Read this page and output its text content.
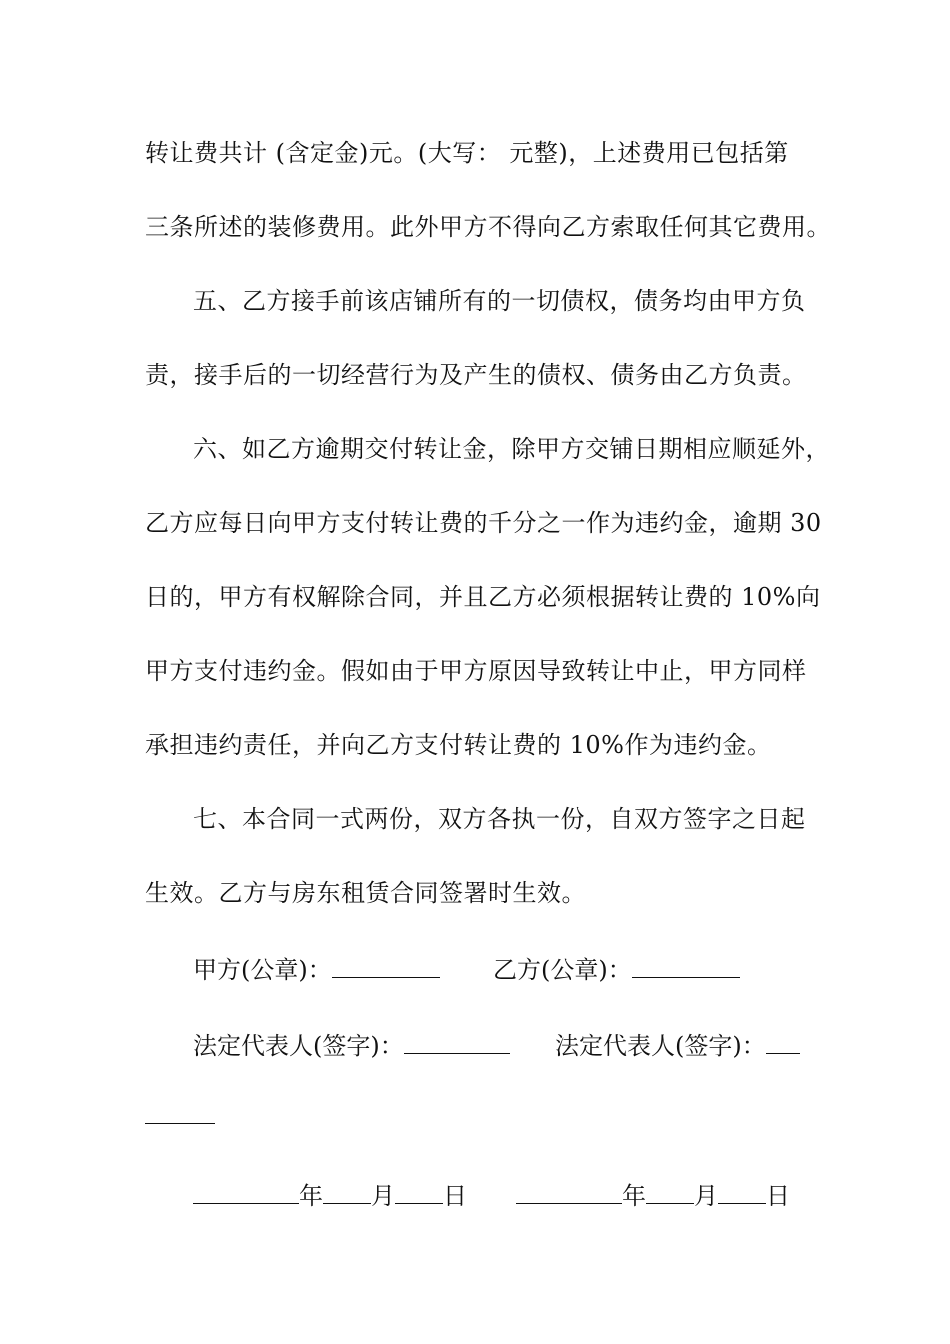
转让费共计 (含定金)元。(大写： 元整)，上述费用已包括第
三条所述的装修费用。此外甲方不得向乙方索取任何其它费用。
五、乙方接手前该店铺所有的一切债权，债务均由甲方负
责，接手后的一切经营行为及产生的债权、债务由乙方负责。
六、如乙方逾期交付转让金，除甲方交铺日期相应顺延外，
乙方应每日向甲方支付转让费的千分之一作为违约金，逾期 30
日的，甲方有权解除合同，并且乙方必须根据转让费的 10%向
甲方支付违约金。假如由于甲方原因导致转让中止，甲方同样
承担违约责任，并向乙方支付转让费的 10%作为违约金。
七、本合同一式两份，双方各执一份，自双方签字之日起
生效。乙方与房东租赁合同签署时生效。
甲方(公章)：	乙方(公章)：
法定代表人(签字)：	法定代表人(签字)：
年 月 日	年 月 日
